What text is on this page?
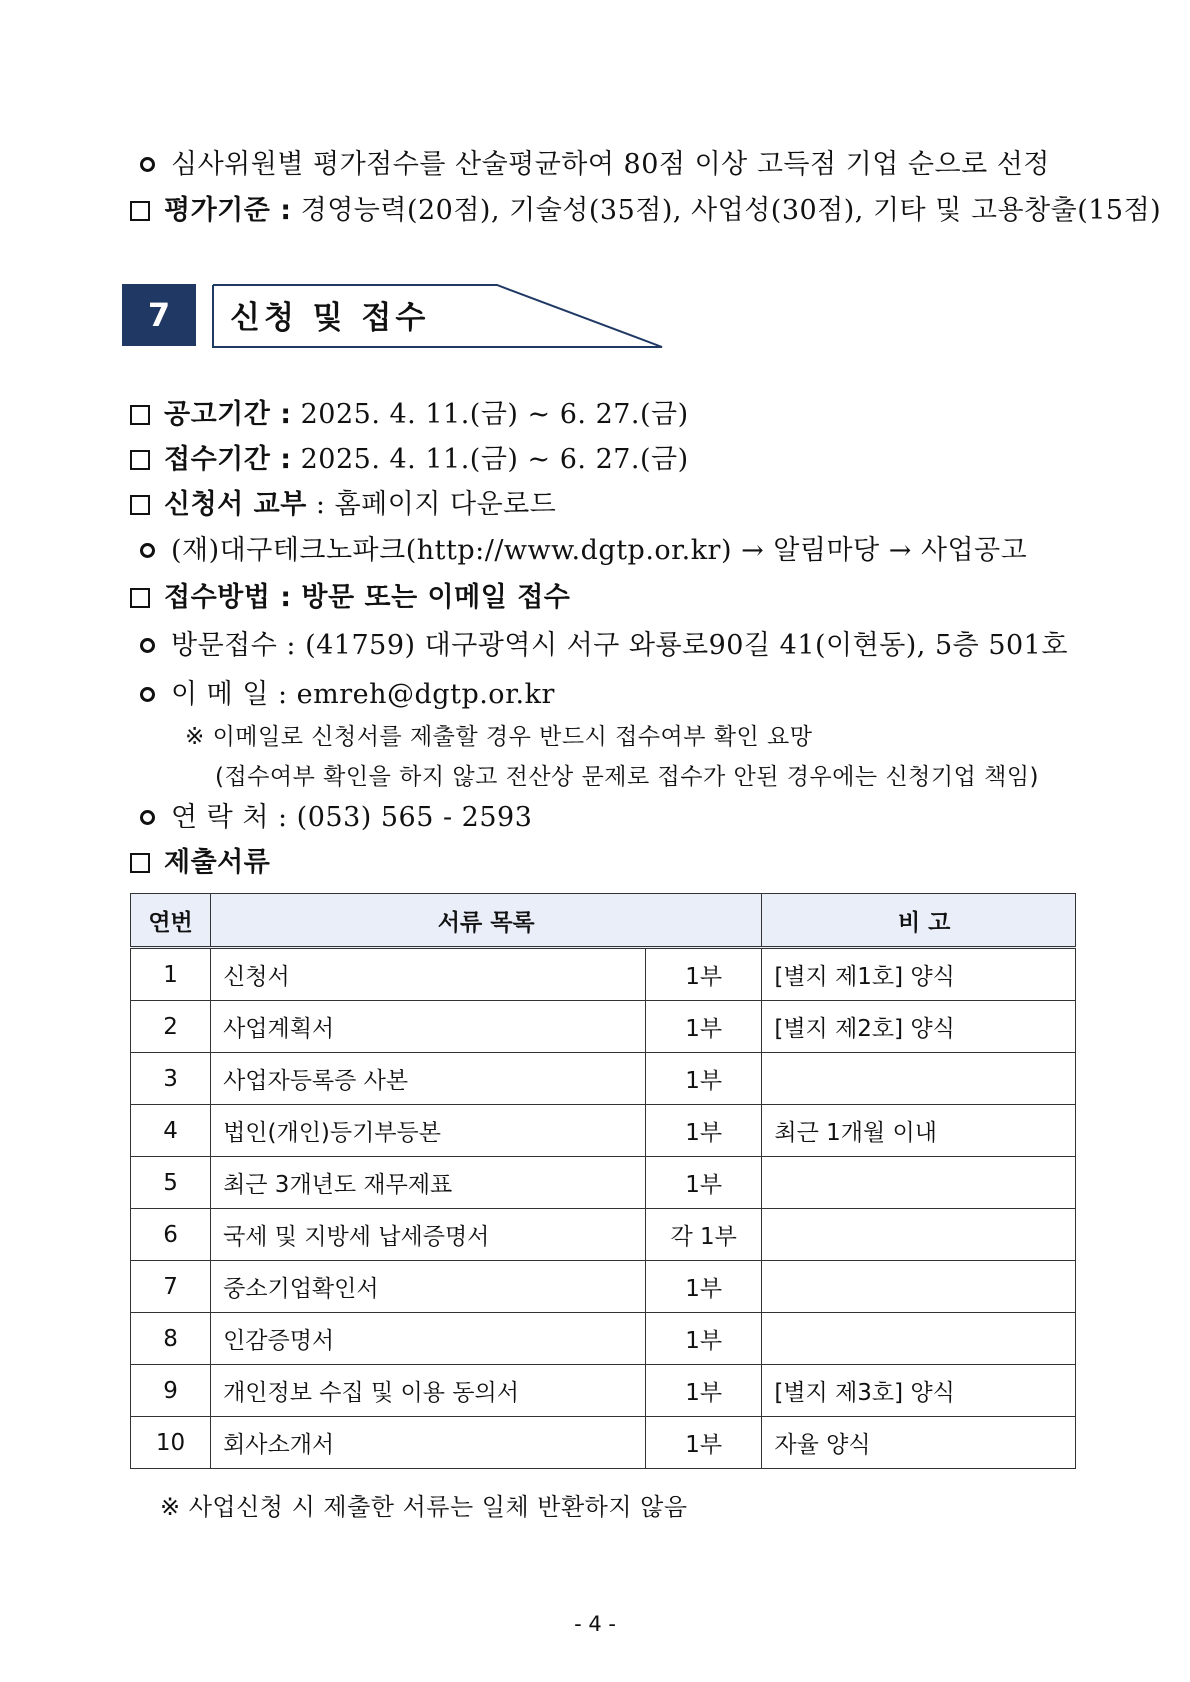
심사위원별 평가점수를 산술평균하여 80점 이상 고득점 기업 순으로 선정
평가기준 : 경영능력(20점), 기술성(35점), 사업성(30점), 기타 및 고용창출(15점)
7	신청 및 접수
공고기간 : 2025. 4. 11.(금) ~ 6. 27.(금)
접수기간 : 2025. 4. 11.(금) ~ 6. 27.(금)
신청서 교부 : 홈페이지 다운로드
(재)대구테크노파크(http://www.dgtp.or.kr) → 알림마당 → 사업공고
접수방법 : 방문 또는 이메일 접수
방문접수 : (41759) 대구광역시 서구 와룡로90길 41(이현동), 5층 501호
이 메 일 : emreh@dgtp.or.kr
※ 이메일로 신청서를 제출할 경우 반드시 접수여부 확인 요망
(접수여부 확인을 하지 않고 전산상 문제로 접수가 안된 경우에는 신청기업 책임)
연 락 처 : (053) 565 - 2593
제출서류
연번	서류 목록		비 고
1	신청서	1부	[별지 제1호] 양식
2	사업계획서	1부	[별지 제2호] 양식
3	사업자등록증 사본	1부	
4	법인(개인)등기부등본	1부	최근 1개월 이내
5	최근 3개년도 재무제표	1부	
6	국세 및 지방세 납세증명서	각 1부	
7	중소기업확인서	1부	
8	인감증명서	1부	
9	개인정보 수집 및 이용 동의서	1부	[별지 제3호] 양식
10	회사소개서	1부	자율 양식
※ 사업신청 시 제출한 서류는 일체 반환하지 않음
- 4 -
